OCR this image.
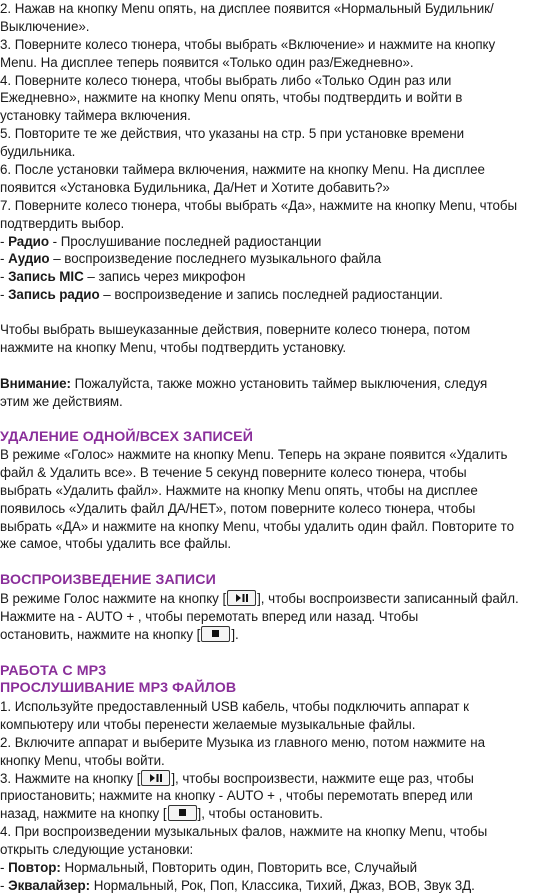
2. Нажав на кнопку Menu опять, на дисплее появится «Нормальный Будильник/
Выключение».
3. Поверните колесо тюнера, чтобы выбрать «Включение» и нажмите на кнопку
Menu. На дисплее теперь появится «Только один раз/Ежедневно».
4. Поверните колесо тюнера, чтобы выбрать либо «Только Один раз или
Ежедневно», нажмите на кнопку Menu опять, чтобы подтвердить и войти в
установку таймера включения.
5. Повторите те же действия, что указаны на стр. 5 при установке времени
будильника.
6. После установки таймера включения, нажмите на кнопку Menu. На дисплее
появится «Установка Будильника, Да/Нет и Хотите добавить?»
7. Поверните колесо тюнера, чтобы выбрать «Да», нажмите на кнопку Menu, чтобы
подтвердить выбор.
- Радио - Прослушивание последней радиостанции
- Аудио – воспроизведение последнего музыкального файла
- Запись MIC – запись через микрофон
- Запись радио – воспроизведение и запись последней радиостанции.
Чтобы выбрать вышеуказанные действия, поверните колесо тюнера, потом
нажмите на кнопку Menu, чтобы подтвердить установку.
Внимание: Пожалуйста, также можно установить таймер выключения, следуя
этим же действиям.
УДАЛЕНИЕ ОДНОЙ/ВСЕХ ЗАПИСЕЙ
В режиме «Голос» нажмите на кнопку Menu. Теперь на экране появится «Удалить
файл & Удалить все». В течение 5 секунд поверните колесо тюнера, чтобы
выбрать «Удалить файл». Нажмите на кнопку Menu опять, чтобы на дисплее
появилось «Удалить файл ДА/НЕТ», потом поверните колесо тюнера, чтобы
выбрать «ДА» и нажмите на кнопку Menu, чтобы удалить один файл. Повторите то
же самое, чтобы удалить все файлы.
ВОСПРОИЗВЕДЕНИЕ ЗАПИСИ
В режиме Голос нажмите на кнопку [ ], чтобы воспроизвести записанный файл.
Нажмите на - AUTO + , чтобы перемотать вперед или назад. Чтобы
остановить, нажмите на кнопку [ ].
РАБОТА С MP3
ПРОСЛУШИВАНИЕ MP3 ФАЙЛОВ
1. Используйте предоставленный USB кабель, чтобы подключить аппарат к
компьютеру или чтобы перенести желаемые музыкальные файлы.
2. Включите аппарат и выберите Музыка из главного меню, потом нажмите на
кнопку Menu, чтобы войти.
3. Нажмите на кнопку [ ], чтобы воспроизвести, нажмите еще раз, чтобы
приостановить; нажмите на кнопку - AUTO + , чтобы перемотать вперед или
назад, нажмите на кнопку [ ], чтобы остановить.
4. При воспроизведении музыкальных фалов, нажмите на кнопку Menu, чтобы
открыть следующие установки:
- Повтор: Нормальный, Повторить один, Повторить все, Случайый
- Эквалайзер: Нормальный, Рок, Поп, Классика, Тихий, Джаз, BOB, Звук 3Д.
